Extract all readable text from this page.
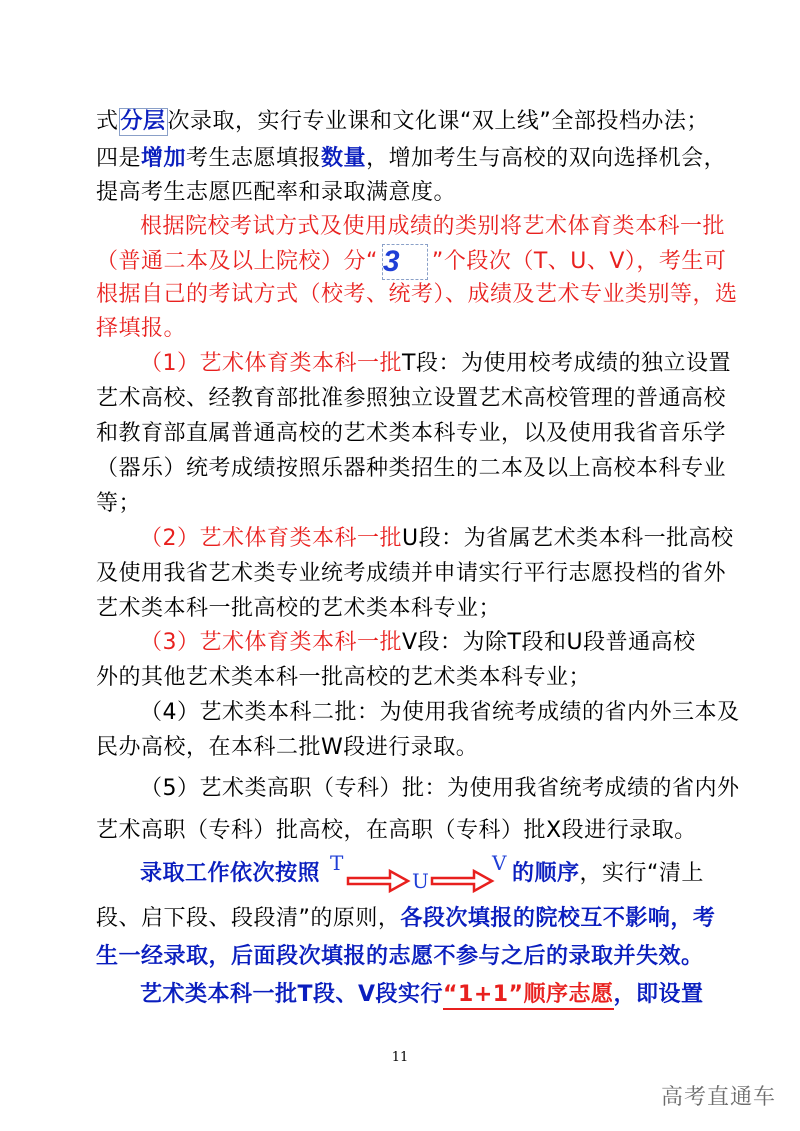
式分层次录取，实行专业课和文化课“双上线”全部投档办法；
四是增加考生志愿填报数量，增加考生与高校的双向选择机会，
提高考生志愿匹配率和录取满意度。
根据院校考试方式及使用成绩的类别将艺术体育类本科一批
（普通二本及以上院校）分“ 3 ”个段次（T、U、V），考生可
根据自己的考试方式（校考、统考）、成绩及艺术专业类别等，选
择填报。
（1）艺术体育类本科一批T段：为使用校考成绩的独立设置
艺术高校、经教育部批准参照独立设置艺术高校管理的普通高校
和教育部直属普通高校的艺术类本科专业，以及使用我省音乐学
（器乐）统考成绩按照乐器种类招生的二本及以上高校本科专业
等；
（2）艺术体育类本科一批U段：为省属艺术类本科一批高校
及使用我省艺术类专业统考成绩并申请实行平行志愿投档的省外
艺术类本科一批高校的艺术类本科专业；
（3）艺术体育类本科一批V段：为除T段和U段普通高校
外的其他艺术类本科一批高校的艺术类本科专业；
（4）艺术类本科二批：为使用我省统考成绩的省内外三本及
民办高校，在本科二批W段进行录取。
（5）艺术类高职（专科）批：为使用我省统考成绩的省内外
艺术高职（专科）批高校，在高职（专科）批X段进行录取。
录取工作依次按照 T
U
V 的顺序，实行“清上
段、启下段、段段清”的原则，各段次填报的院校互不影响，考
生一经录取，后面段次填报的志愿不参与之后的录取并失效。
艺术类本科一批T段、V段实行“1+1”顺序志愿，即设置
11
高考直通车
